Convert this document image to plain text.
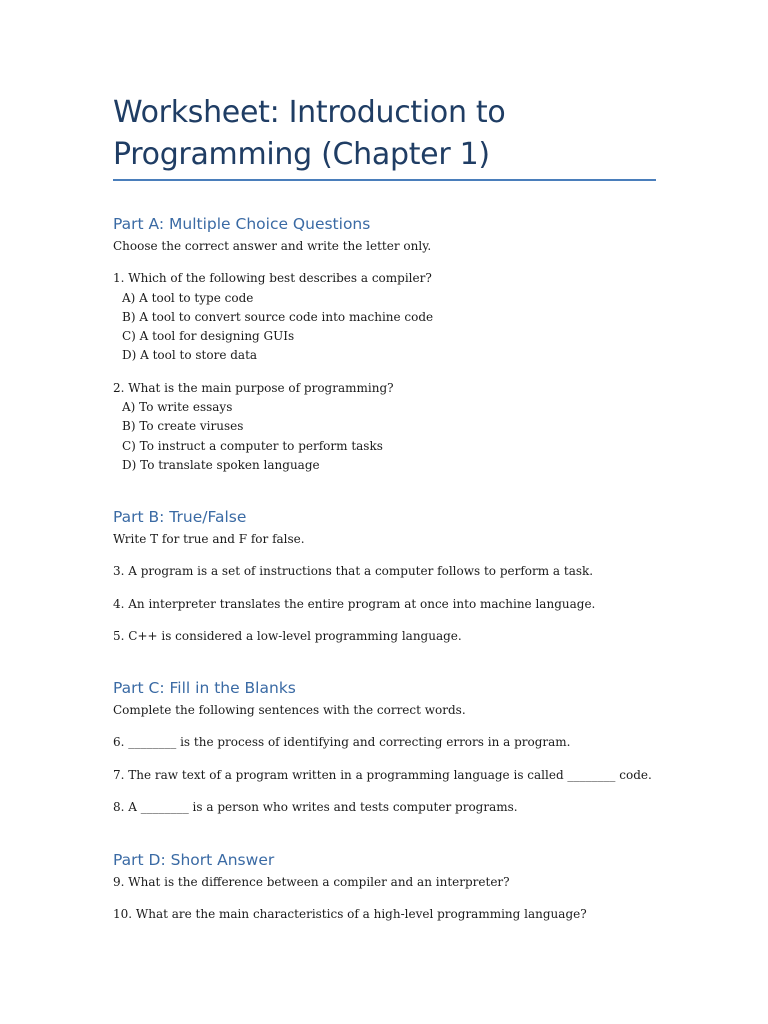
Worksheet: Introduction to
Programming (Chapter 1)
Part A: Multiple Choice Questions
Choose the correct answer and write the letter only.
1. Which of the following best describes a compiler?
A) A tool to type code
B) A tool to convert source code into machine code
C) A tool for designing GUIs
D) A tool to store data
2. What is the main purpose of programming?
A) To write essays
B) To create viruses
C) To instruct a computer to perform tasks
D) To translate spoken language
Part B: True/False
Write T for true and F for false.
3. A program is a set of instructions that a computer follows to perform a task.
4. An interpreter translates the entire program at once into machine language.
5. C++ is considered a low-level programming language.
Part C: Fill in the Blanks
Complete the following sentences with the correct words.
6. ________ is the process of identifying and correcting errors in a program.
7. The raw text of a program written in a programming language is called ________ code.
8. A ________ is a person who writes and tests computer programs.
Part D: Short Answer
9. What is the difference between a compiler and an interpreter?
10. What are the main characteristics of a high-level programming language?
